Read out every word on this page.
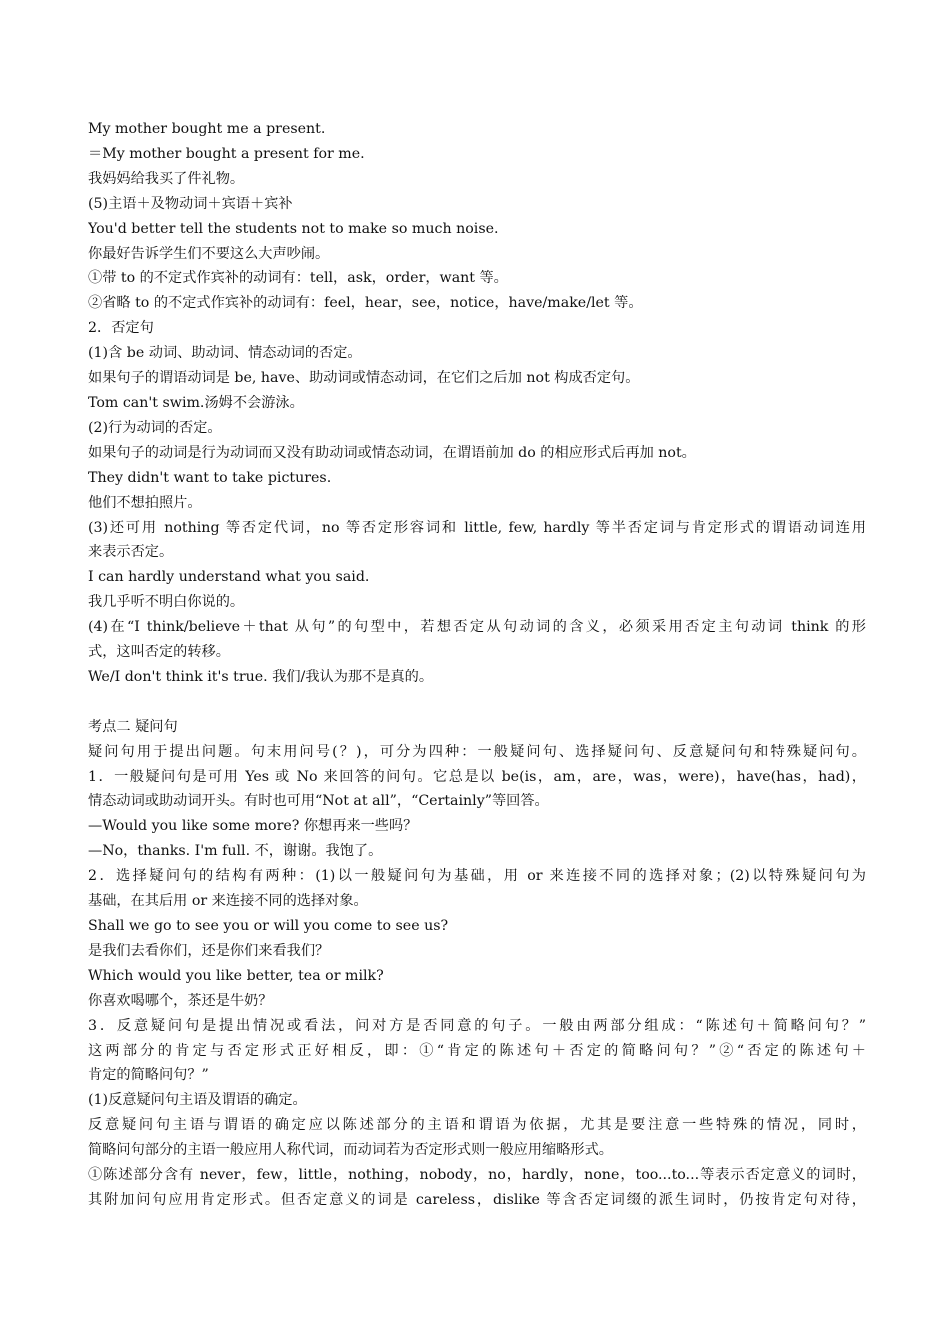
My mother bought me a present.
＝My mother bought a present for me.
我妈妈给我买了件礼物。
(5)主语＋及物动词＋宾语＋宾补
You'd better tell the students not to make so much noise.
你最好告诉学生们不要这么大声吵闹。
①带 to 的不定式作宾补的动词有：tell，ask，order，want 等。
②省略 to 的不定式作宾补的动词有：feel，hear，see，notice，have/make/let 等。
2．否定句
(1)含 be 动词、助动词、情态动词的否定。
如果句子的谓语动词是 be, have、助动词或情态动词，在它们之后加 not 构成否定句。
Tom can't swim.汤姆不会游泳。
(2)行为动词的否定。
如果句子的动词是行为动词而又没有助动词或情态动词，在谓语前加 do 的相应形式后再加 not。
They didn't want to take pictures.
他们不想拍照片。
(3)还可用 nothing 等否定代词，no 等否定形容词和 little, few, hardly 等半否定词与肯定形式的谓语动词连用
来表示否定。
I can hardly understand what you said.
我几乎听不明白你说的。
(4)在“I think/believe＋that 从句”的句型中，若想否定从句动词的含义，必须采用否定主句动词 think 的形
式，这叫否定的转移。
We/I don't think it's true. 我们/我认为那不是真的。
考点二 疑问句
疑问句用于提出问题。句末用问号(？)，可分为四种：一般疑问句、选择疑问句、反意疑问句和特殊疑问句。
1．一般疑问句是可用 Yes 或 No 来回答的问句。它总是以 be(is，am，are，was，were)，have(has，had)，
情态动词或助动词开头。有时也可用“Not at all”，“Certainly”等回答。
—Would you like some more? 你想再来一些吗？
—No，thanks. I'm full. 不，谢谢。我饱了。
2．选择疑问句的结构有两种：(1)以一般疑问句为基础，用 or 来连接不同的选择对象；(2)以特殊疑问句为
基础，在其后用 or 来连接不同的选择对象。
Shall we go to see you or will you come to see us?
是我们去看你们，还是你们来看我们？
Which would you like better, tea or milk?
你喜欢喝哪个，茶还是牛奶？
3．反意疑问句是提出情况或看法，问对方是否同意的句子。一般由两部分组成：“陈述句＋简略问句？”
这两部分的肯定与否定形式正好相反，即：①“肯定的陈述句＋否定的简略问句？”②“否定的陈述句＋
肯定的简略问句？”
(1)反意疑问句主语及谓语的确定。
反意疑问句主语与谓语的确定应以陈述部分的主语和谓语为依据，尤其是要注意一些特殊的情况，同时，
简略问句部分的主语一般应用人称代词，而动词若为否定形式则一般应用缩略形式。
①陈述部分含有 never，few，little，nothing，nobody，no，hardly，none，too...to...等表示否定意义的词时，
其附加问句应用肯定形式。但否定意义的词是 careless，dislike 等含否定词缀的派生词时，仍按肯定句对待，
